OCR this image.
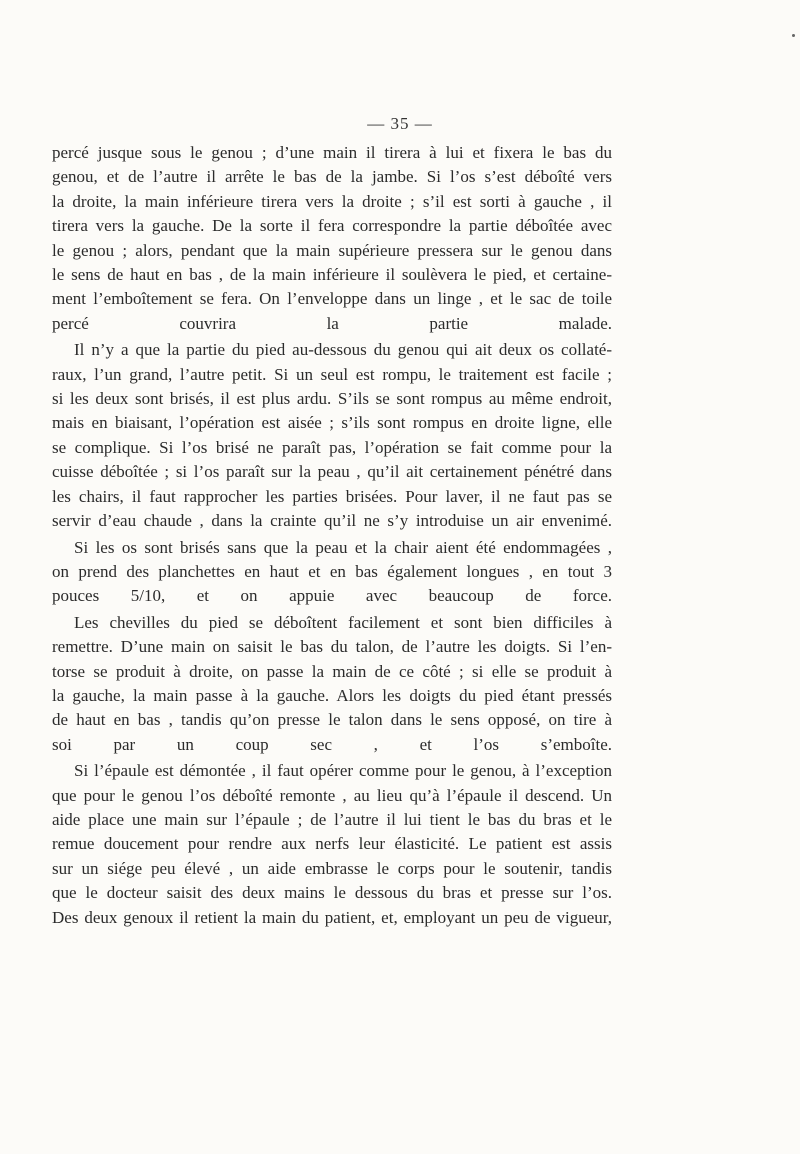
— 35 —

percé jusque sous le genou ; d’une main il tirera à lui et fixera le bas du
genou, et de l’autre il arrête le bas de la jambe. Si l’os s’est déboîté vers
la droite, la main inférieure tirera vers la droite ; s’il est sorti à gauche , il
tirera vers la gauche. De la sorte il fera correspondre la partie déboîtée avec
le genou ; alors, pendant que la main supérieure pressera sur le genou dans
le sens de haut en bas , de la main inférieure il soulèvera le pied, et certaine-
ment l’emboîtement se fera. On l’enveloppe dans un linge , et le sac de toile
percé couvrira la partie malade.

Il n’y a que la partie du pied au-dessous du genou qui ait deux os collaté-
raux, l’un grand, l’autre petit. Si un seul est rompu, le traitement est facile ;
si les deux sont brisés, il est plus ardu. S’ils se sont rompus au même endroit,
mais en biaisant, l’opération est aisée ; s’ils sont rompus en droite ligne, elle
se complique. Si l’os brisé ne paraît pas, l’opération se fait comme pour la
cuisse déboîtée ; si l’os paraît sur la peau , qu’il ait certainement pénétré dans
les chairs, il faut rapprocher les parties brisées. Pour laver, il ne faut pas se
servir d’eau chaude , dans la crainte qu’il ne s’y introduise un air envenimé.

Si les os sont brisés sans que la peau et la chair aient été endommagées ,
on prend des planchettes en haut et en bas également longues , en tout 3
pouces 5/10, et on appuie avec beaucoup de force.

Les chevilles du pied se déboîtent facilement et sont bien difficiles à
remettre. D’une main on saisit le bas du talon, de l’autre les doigts. Si l’en-
torse se produit à droite, on passe la main de ce côté ; si elle se produit à
la gauche, la main passe à la gauche. Alors les doigts du pied étant pressés
de haut en bas , tandis qu’on presse le talon dans le sens opposé, on tire à
soi par un coup sec , et l’os s’emboîte.

Si l’épaule est démontée , il faut opérer comme pour le genou, à l’exception
que pour le genou l’os déboîté remonte , au lieu qu’à l’épaule il descend. Un
aide place une main sur l’épaule ; de l’autre il lui tient le bas du bras et le
remue doucement pour rendre aux nerfs leur élasticité. Le patient est assis
sur un siége peu élevé , un aide embrasse le corps pour le soutenir, tandis
que le docteur saisit des deux mains le dessous du bras et presse sur l’os.
Des deux genoux il retient la main du patient, et, employant un peu de vigueur,
